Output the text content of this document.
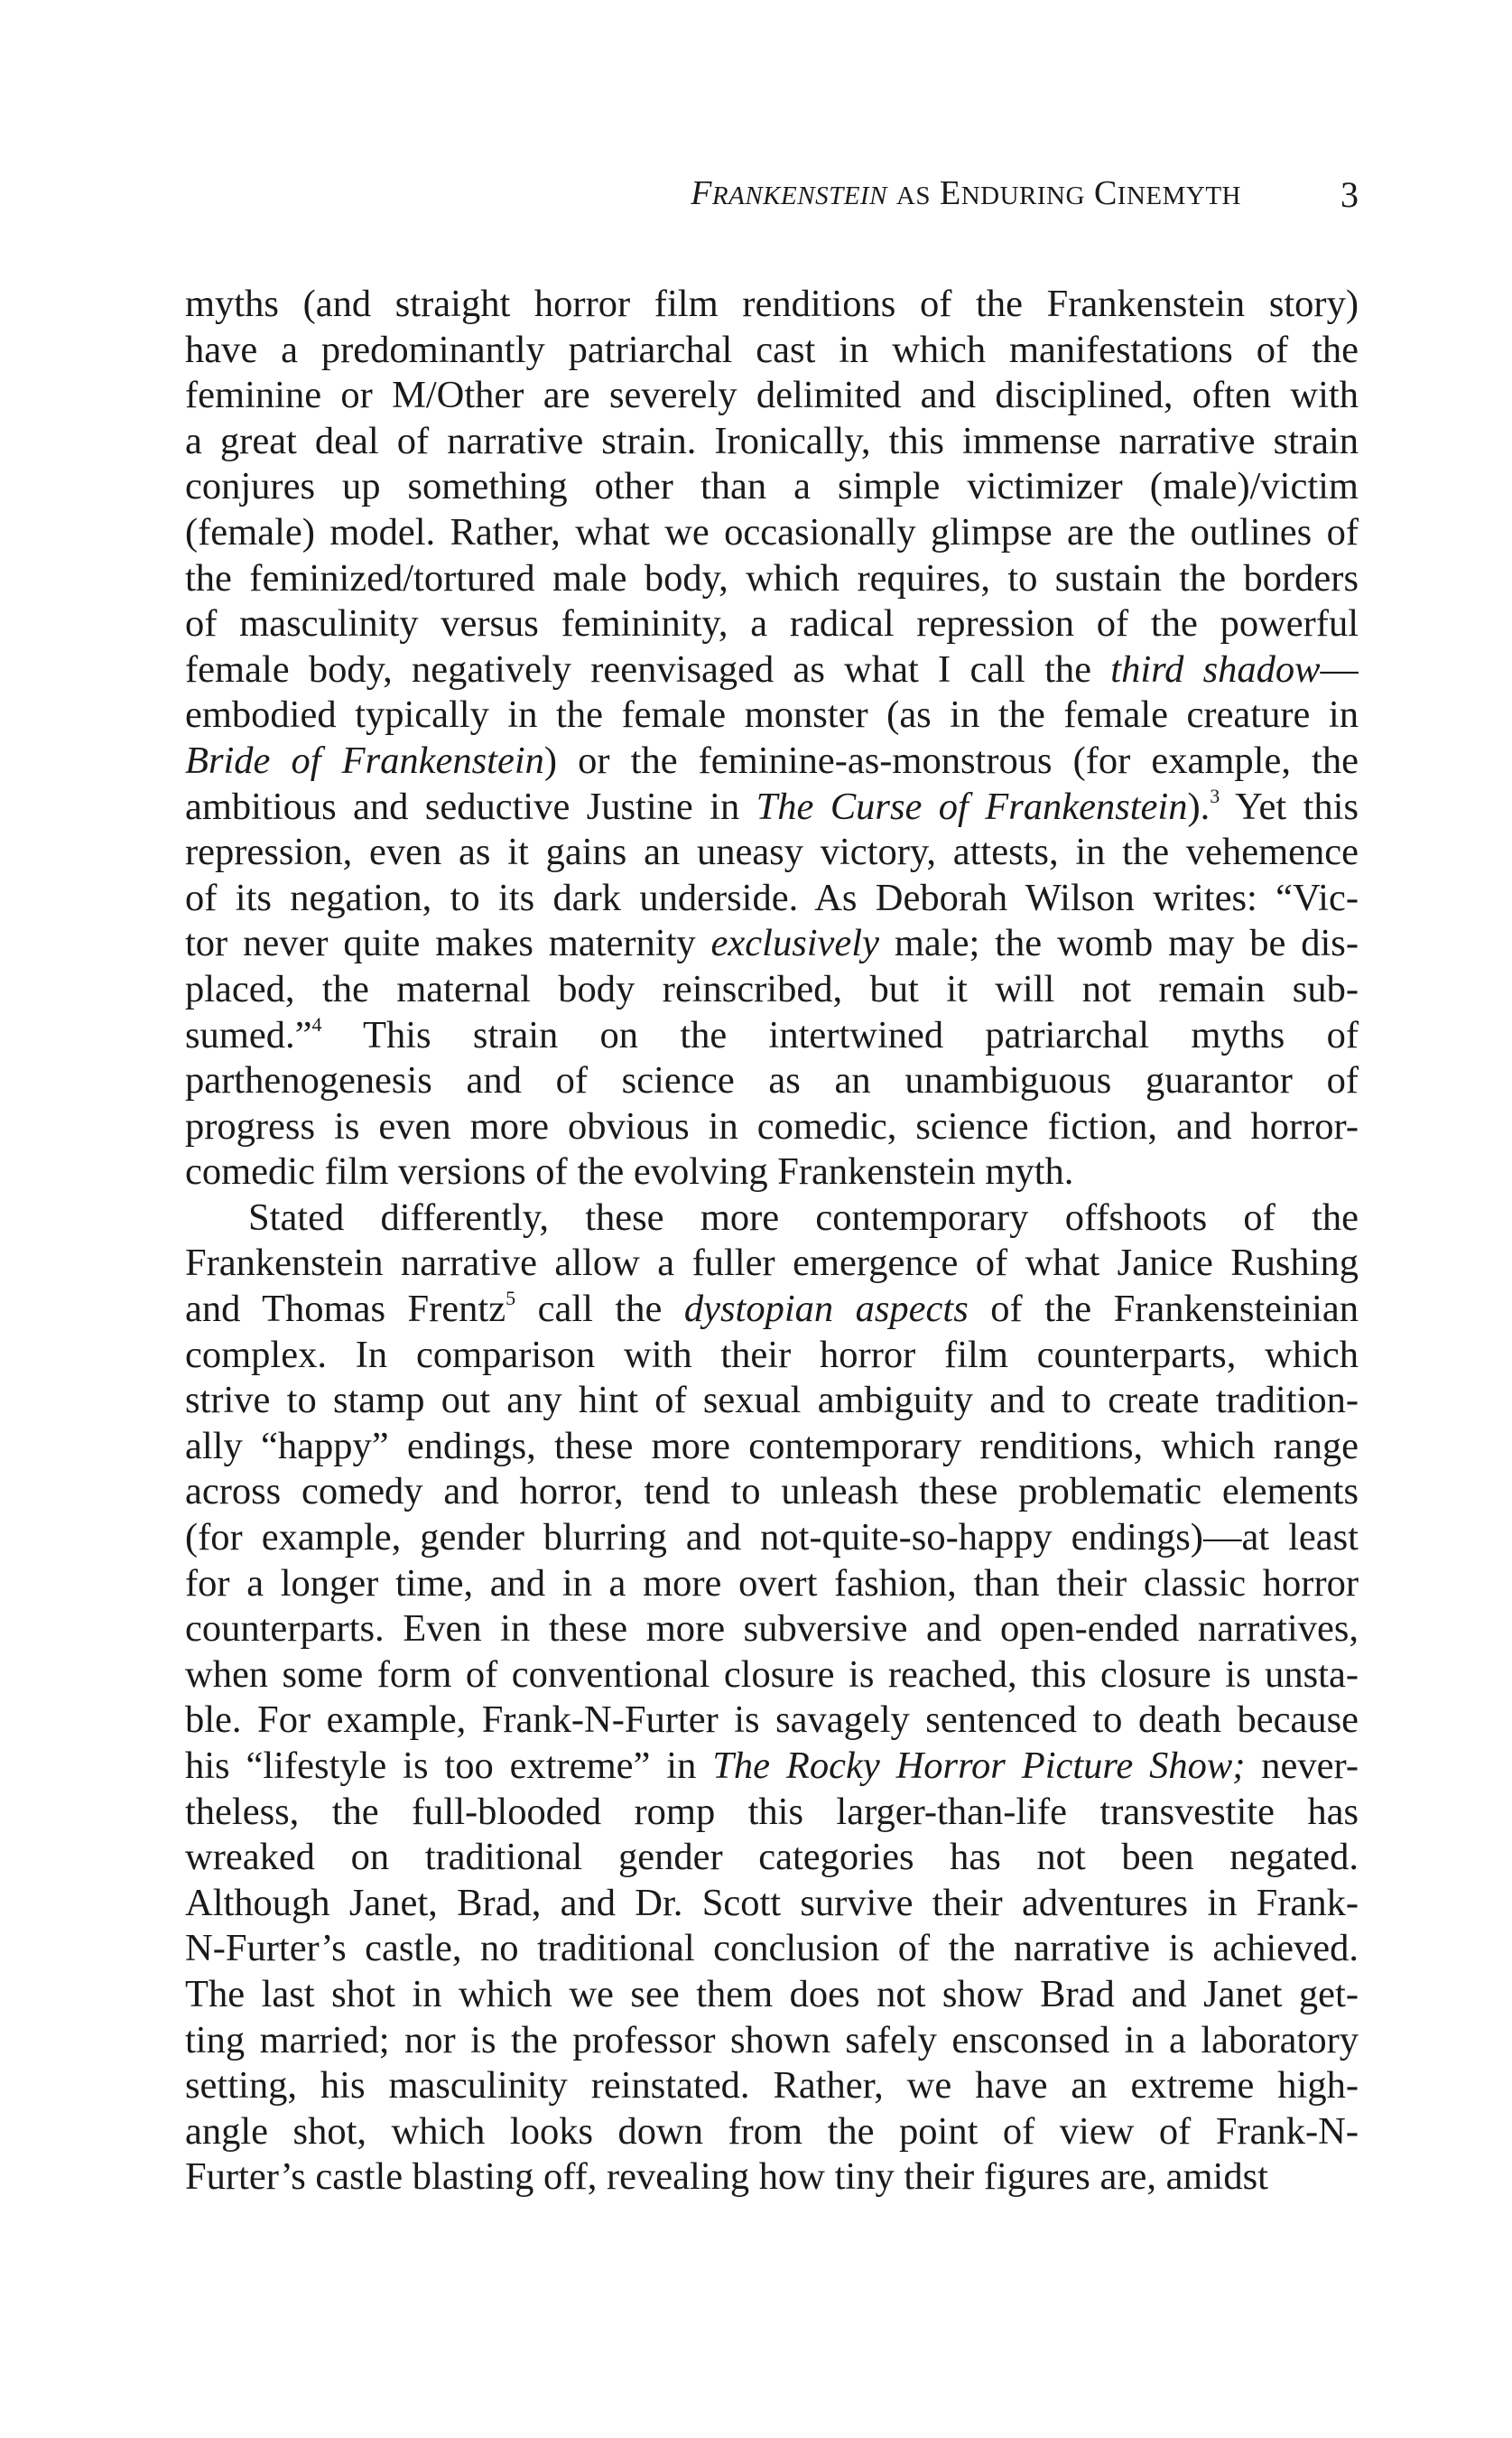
FRANKENSTEIN AS ENDURING CINEMYTH	3
myths (and straight horror film renditions of the Frankenstein story)
have a predominantly patriarchal cast in which manifestations of the
feminine or M/Other are severely delimited and disciplined, often with
a great deal of narrative strain. Ironically, this immense narrative strain
conjures up something other than a simple victimizer (male)/victim
(female) model. Rather, what we occasionally glimpse are the outlines of
the feminized/tortured male body, which requires, to sustain the borders
of masculinity versus femininity, a radical repression of the powerful
female body, negatively reenvisaged as what I call the third shadow—
embodied typically in the female monster (as in the female creature in
Bride of Frankenstein) or the feminine-as-monstrous (for example, the
ambitious and seductive Justine in The Curse of Frankenstein).$^3$ Yet this
repression, even as it gains an uneasy victory, attests, in the vehemence
of its negation, to its dark underside. As Deborah Wilson writes: “Vic-
tor never quite makes maternity exclusively male; the womb may be dis-
placed, the maternal body reinscribed, but it will not remain sub-
sumed.”$^4$ This strain on the intertwined patriarchal myths of
parthenogenesis and of science as an unambiguous guarantor of
progress is even more obvious in comedic, science fiction, and horror-
comedic film versions of the evolving Frankenstein myth.
Stated differently, these more contemporary offshoots of the
Frankenstein narrative allow a fuller emergence of what Janice Rushing
and Thomas Frentz$^5$ call the dystopian aspects of the Frankensteinian
complex. In comparison with their horror film counterparts, which
strive to stamp out any hint of sexual ambiguity and to create tradition-
ally “happy” endings, these more contemporary renditions, which range
across comedy and horror, tend to unleash these problematic elements
(for example, gender blurring and not-quite-so-happy endings)—at least
for a longer time, and in a more overt fashion, than their classic horror
counterparts. Even in these more subversive and open-ended narratives,
when some form of conventional closure is reached, this closure is unsta-
ble. For example, Frank-N-Furter is savagely sentenced to death because
his “lifestyle is too extreme” in The Rocky Horror Picture Show; never-
theless, the full-blooded romp this larger-than-life transvestite has
wreaked on traditional gender categories has not been negated.
Although Janet, Brad, and Dr. Scott survive their adventures in Frank-
N-Furter’s castle, no traditional conclusion of the narrative is achieved.
The last shot in which we see them does not show Brad and Janet get-
ting married; nor is the professor shown safely ensconsed in a laboratory
setting, his masculinity reinstated. Rather, we have an extreme high-
angle shot, which looks down from the point of view of Frank-N-
Furter’s castle blasting off, revealing how tiny their figures are, amidst
